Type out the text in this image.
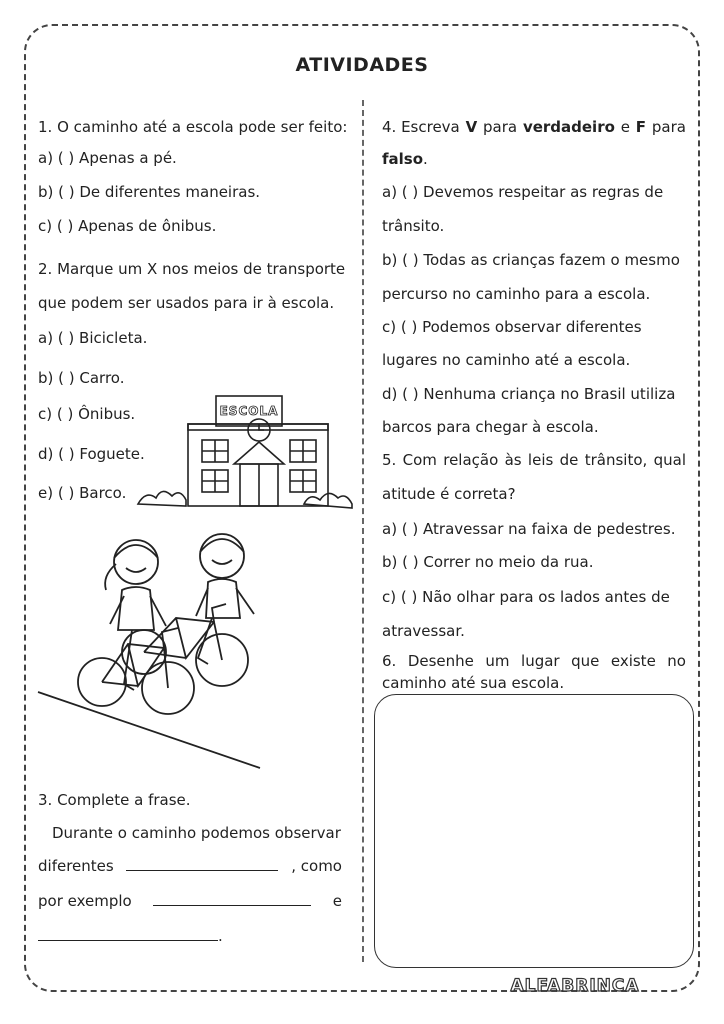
ATIVIDADES
1. O caminho até a escola pode ser feito:
a) ( ) Apenas a pé.
b) ( ) De diferentes maneiras.
c) ( ) Apenas de ônibus.
2. Marque um X nos meios de transporte
que podem ser usados para ir à escola.
a) ( ) Bicicleta.
b) ( ) Carro.
c) ( ) Ônibus.
d) ( ) Foguete.
e) ( ) Barco.
ESCOLA
3. Complete a frase.
Durante o caminho podemos observar
diferentes	, como
por exemplo	e
.
4. Escreva V para verdadeiro e F para
falso.
a) ( ) Devemos respeitar as regras de
trânsito.
b) ( ) Todas as crianças fazem o mesmo
percurso no caminho para a escola.
c) ( ) Podemos observar diferentes
lugares no caminho até a escola.
d) ( ) Nenhuma criança no Brasil utiliza
barcos para chegar à escola.
5. Com relação às leis de trânsito, qual
atitude é correta?
a) ( ) Atravessar na faixa de pedestres.
b) ( ) Correr no meio da rua.
c) ( ) Não olhar para os lados antes de
atravessar.
6. Desenhe um lugar que existe no
caminho até sua escola.
ALFABRINCA
